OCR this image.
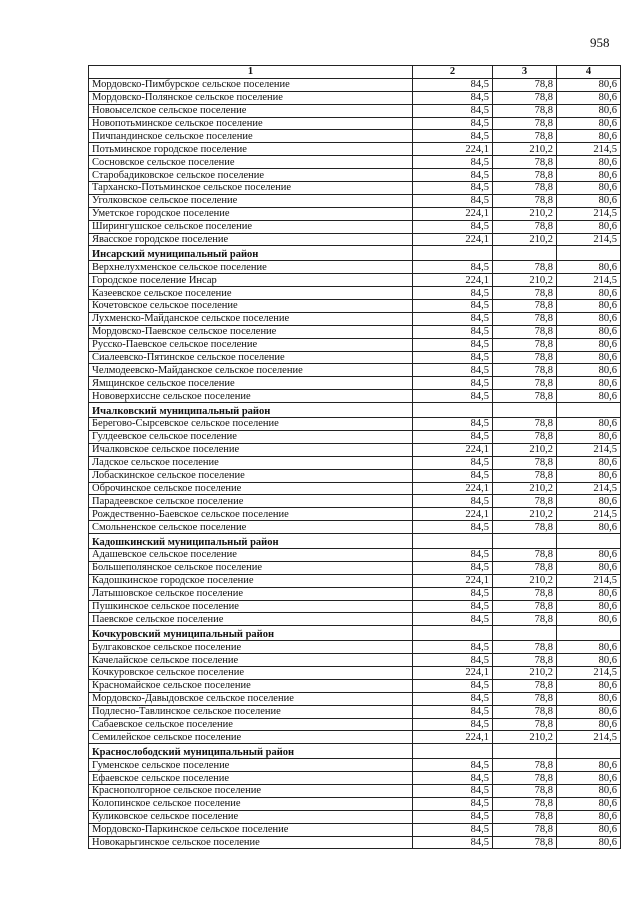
958
1	2	3	4
Мордовско-Пимбурское сельское поселение	84,5	78,8	80,6
Мордовско-Полянское сельское поселение	84,5	78,8	80,6
Новоыселское сельское поселение	84,5	78,8	80,6
Новопотьминское сельское поселение	84,5	78,8	80,6
Пичпандинское сельское поселение	84,5	78,8	80,6
Потьминское городское поселение	224,1	210,2	214,5
Сосновское сельское поселение	84,5	78,8	80,6
Старобадиковское сельское поселение	84,5	78,8	80,6
Тарханско-Потьминское сельское поселение	84,5	78,8	80,6
Уголковское сельское поселение	84,5	78,8	80,6
Уметское городское поселение	224,1	210,2	214,5
Ширингушское сельское поселение	84,5	78,8	80,6
Явасское городское поселение	224,1	210,2	214,5
Инсарский муниципальный район			
Верхнелухменское сельское поселение	84,5	78,8	80,6
Городское поселение Инсар	224,1	210,2	214,5
Казеевское сельское поселение	84,5	78,8	80,6
Кочетовское сельское поселение	84,5	78,8	80,6
Лухменско-Майданское сельское поселение	84,5	78,8	80,6
Мордовско-Паевское сельское поселение	84,5	78,8	80,6
Русско-Паевское сельское поселение	84,5	78,8	80,6
Сиалеевско-Пятинское сельское поселение	84,5	78,8	80,6
Челмодеевско-Майданское сельское поселение	84,5	78,8	80,6
Ямщинское сельское поселение	84,5	78,8	80,6
Нововерхиссне сельское поселение	84,5	78,8	80,6
Ичалковский муниципальный район			
Берегово-Сырсевское сельское поселение	84,5	78,8	80,6
Гулдеевское сельское поселение	84,5	78,8	80,6
Ичалковское сельское поселение	224,1	210,2	214,5
Ладское сельское поселение	84,5	78,8	80,6
Лобаскинское сельское поселение	84,5	78,8	80,6
Оброчинское сельское поселение	224,1	210,2	214,5
Парадеевское сельское поселение	84,5	78,8	80,6
Рождественно-Баевское сельское поселение	224,1	210,2	214,5
Смольненское сельское поселение	84,5	78,8	80,6
Кадошкинский муниципальный район			
Адашевское сельское поселение	84,5	78,8	80,6
Большеполянское сельское поселение	84,5	78,8	80,6
Кадошкинское городское поселение	224,1	210,2	214,5
Латышовское сельское поселение	84,5	78,8	80,6
Пушкинское сельское поселение	84,5	78,8	80,6
Паевское сельское поселение	84,5	78,8	80,6
Кочкуровский муниципальный район			
Булгаковское сельское поселение	84,5	78,8	80,6
Качелайское сельское поселение	84,5	78,8	80,6
Кочкуровское сельское поселение	224,1	210,2	214,5
Красномайское сельское поселение	84,5	78,8	80,6
Мордовско-Давыдовское сельское поселение	84,5	78,8	80,6
Подлесно-Тавлинское сельское поселение	84,5	78,8	80,6
Сабаевское сельское поселение	84,5	78,8	80,6
Семилейское сельское поселение	224,1	210,2	214,5
Краснослободский муниципальный район			
Гуменское сельское поселение	84,5	78,8	80,6
Ефаевское сельское поселение	84,5	78,8	80,6
Краснополгорное сельское поселение	84,5	78,8	80,6
Колопинское сельское поселение	84,5	78,8	80,6
Куликовское сельское поселение	84,5	78,8	80,6
Мордовско-Паркинское сельское поселение	84,5	78,8	80,6
Новокарьгинское сельское поселение	84,5	78,8	80,6
